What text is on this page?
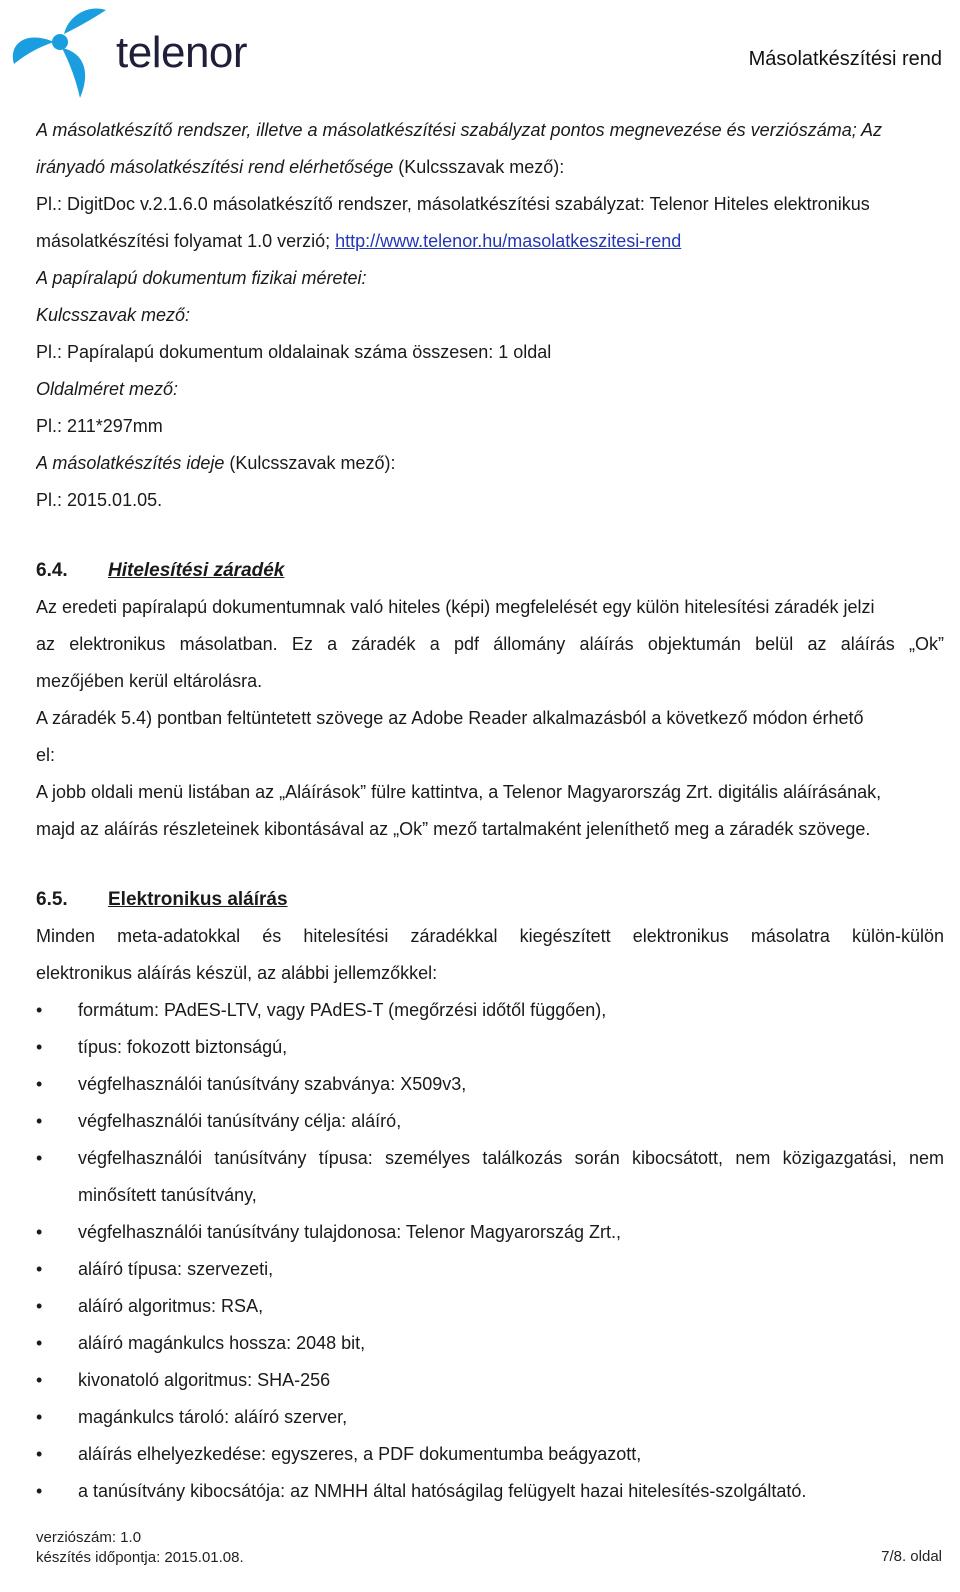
telenor	Másolatkészítési rend
A másolatkészítő rendszer, illetve a másolatkészítési szabályzat pontos megnevezése és verziószáma; Az
irányadó másolatkészítési rend elérhetősége (Kulcsszavak mező):
Pl.: DigitDoc v.2.1.6.0 másolatkészítő rendszer, másolatkészítési szabályzat: Telenor Hiteles elektronikus
másolatkészítési folyamat 1.0 verzió; http://www.telenor.hu/masolatkeszitesi-rend
A papíralapú dokumentum fizikai méretei:
Kulcsszavak mező:
Pl.: Papíralapú dokumentum oldalainak száma összesen: 1 oldal
Oldalméret mező:
Pl.: 211*297mm
A másolatkészítés ideje (Kulcsszavak mező):
Pl.: 2015.01.05.
6.4. Hitelesítési záradék
Az eredeti papíralapú dokumentumnak való hiteles (képi) megfelelését egy külön hitelesítési záradék jelzi
az elektronikus másolatban. Ez a záradék a pdf állomány aláírás objektumán belül az aláírás „Ok”
mezőjében kerül eltárolásra.
A záradék 5.4) pontban feltüntetett szövege az Adobe Reader alkalmazásból a következő módon érhető
el:
A jobb oldali menü listában az „Aláírások” fülre kattintva, a Telenor Magyarország Zrt. digitális aláírásának,
majd az aláírás részleteinek kibontásával az „Ok” mező tartalmaként jeleníthető meg a záradék szövege.
6.5. Elektronikus aláírás
Minden meta-adatokkal és hitelesítési záradékkal kiegészített elektronikus másolatra külön-külön
elektronikus aláírás készül, az alábbi jellemzőkkel:
• formátum: PAdES-LTV, vagy PAdES-T (megőrzési időtől függően),
• típus: fokozott biztonságú,
• végfelhasználói tanúsítvány szabványa: X509v3,
• végfelhasználói tanúsítvány célja: aláíró,
• végfelhasználói tanúsítvány típusa: személyes találkozás során kibocsátott, nem közigazgatási, nem
minősített tanúsítvány,
• végfelhasználói tanúsítvány tulajdonosa: Telenor Magyarország Zrt.,
• aláíró típusa: szervezeti,
• aláíró algoritmus: RSA,
• aláíró magánkulcs hossza: 2048 bit,
• kivonatoló algoritmus: SHA-256
• magánkulcs tároló: aláíró szerver,
• aláírás elhelyezkedése: egyszeres, a PDF dokumentumba beágyazott,
• a tanúsítvány kibocsátója: az NMHH által hatóságilag felügyelt hazai hitelesítés-szolgáltató.
verziószám: 1.0
készítés időpontja: 2015.01.08.	7/8. oldal
